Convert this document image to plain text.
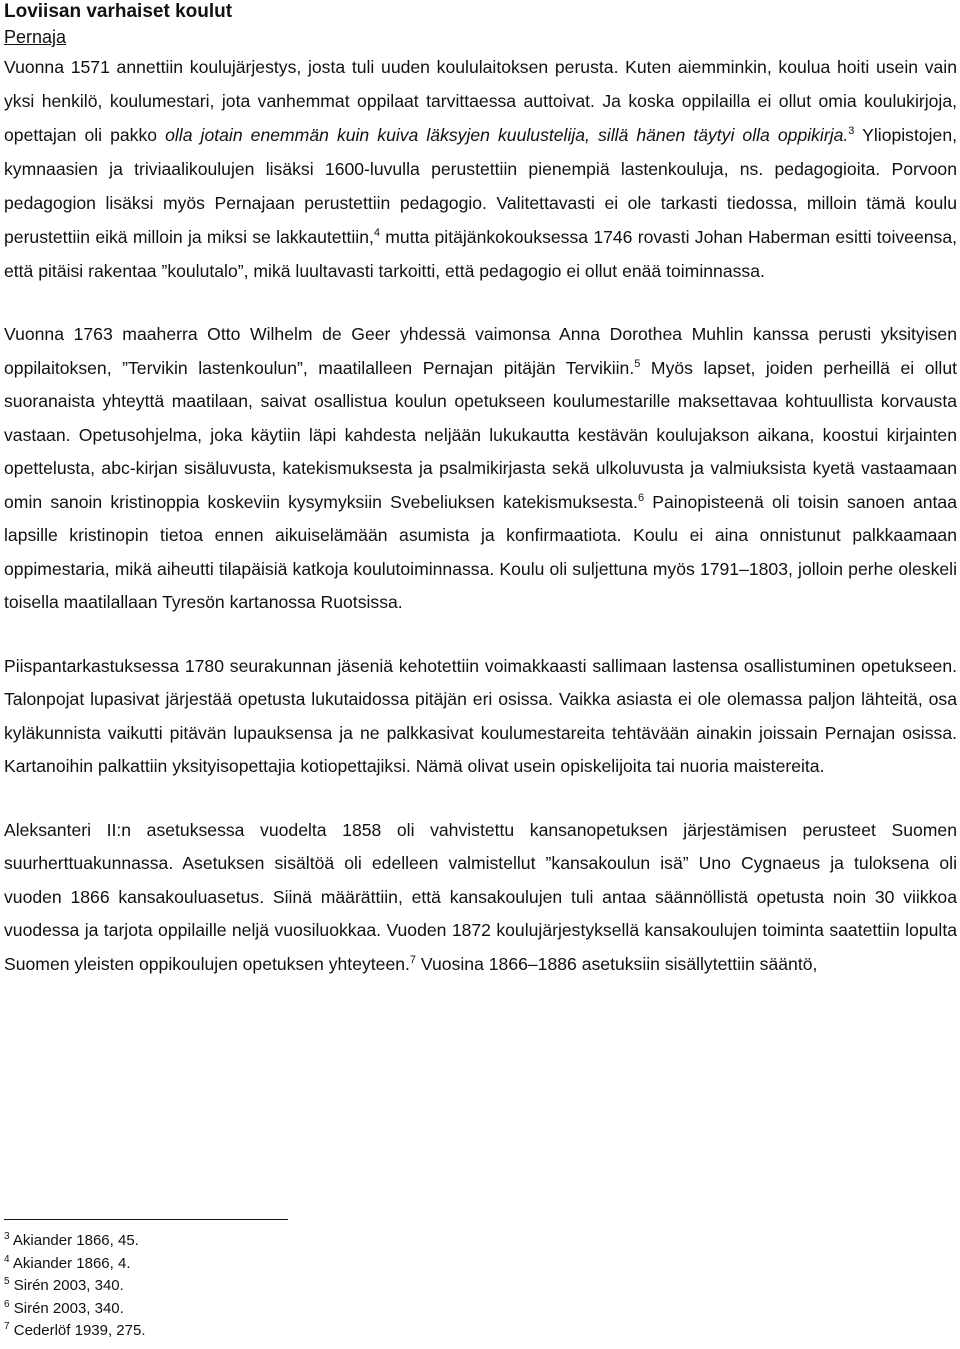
Loviisan varhaiset koulut

Pernaja

Vuonna 1571 annettiin koulujärjestys, josta tuli uuden koululaitoksen perusta. Kuten aiemminkin, koulua hoiti usein vain yksi henkilö, koulumestari, jota vanhemmat oppilaat tarvittaessa auttoivat. Ja koska oppilailla ei ollut omia koulukirjoja, opettajan oli pakko olla jotain enemmän kuin kuiva läksyjen kuulustelija, sillä hänen täytyi olla oppikirja.$^3$ Yliopistojen, kymnaasien ja triviaalikoulujen lisäksi 1600-luvulla perustettiin pienempiä lastenkouluja, ns. pedagogioita. Porvoon pedagogion lisäksi myös Pernajaan perustettiin pedagogio. Valitettavasti ei ole tarkasti tiedossa, milloin tämä koulu perustettiin eikä milloin ja miksi se lakkautettiin,$^4$ mutta pitäjänkokouksessa 1746 rovasti Johan Haberman esitti toiveensa, että pitäisi rakentaa ”koulutalo”, mikä luultavasti tarkoitti, että pedagogio ei ollut enää toiminnassa.

Vuonna 1763 maaherra Otto Wilhelm de Geer yhdessä vaimonsa Anna Dorothea Muhlin kanssa perusti yksityisen oppilaitoksen, ”Tervikin lastenkoulun”, maatilalleen Pernajan pitäjän Tervikiin.$^5$ Myös lapset, joiden perheillä ei ollut suoranaista yhteyttä maatilaan, saivat osallistua koulun opetukseen koulumestarille maksettavaa kohtuullista korvausta vastaan. Opetusohjelma, joka käytiin läpi kahdesta neljään lukukautta kestävän koulujakson aikana, koostui kirjainten opettelusta, abc-kirjan sisäluvusta, katekismuksesta ja psalmikirjasta sekä ulkoluvusta ja valmiuksista kyetä vastaamaan omin sanoin kristinoppia koskeviin kysymyksiin Svebeliuksen katekismuksesta.$^6$ Painopisteenä oli toisin sanoen antaa lapsille kristinopin tietoa ennen aikuiselämään asumista ja konfirmaatiota. Koulu ei aina onnistunut palkkaamaan oppimestaria, mikä aiheutti tilapäisiä katkoja koulutoiminnassa. Koulu oli suljettuna myös 1791–1803, jolloin perhe oleskeli toisella maatilallaan Tyresön kartanossa Ruotsissa.

Piispantarkastuksessa 1780 seurakunnan jäseniä kehotettiin voimakkaasti sallimaan lastensa osallistuminen opetukseen. Talonpojat lupasivat järjestää opetusta lukutaidossa pitäjän eri osissa. Vaikka asiasta ei ole olemassa paljon lähteitä, osa kyläkunnista vaikutti pitävän lupauksensa ja ne palkkasivat koulumestareita tehtävään ainakin joissain Pernajan osissa. Kartanoihin palkattiin yksityisopettajia kotiopettajiksi. Nämä olivat usein opiskelijoita tai nuoria maistereita.

Aleksanteri II:n asetuksessa vuodelta 1858 oli vahvistettu kansanopetuksen järjestämisen perusteet Suomen suurherttuakunnassa. Asetuksen sisältöä oli edelleen valmistellut ”kansakoulun isä” Uno Cygnaeus ja tuloksena oli vuoden 1866 kansakouluasetus. Siinä määrättiin, että kansakoulujen tuli antaa säännöllistä opetusta noin 30 viikkoa vuodessa ja tarjota oppilaille neljä vuosiluokkaa. Vuoden 1872 koulujärjestyksellä kansakoulujen toiminta saatettiin lopulta Suomen yleisten oppikoulujen opetuksen yhteyteen.$^7$ Vuosina 1866–1886 asetuksiin sisällytettiin sääntö,

$^3$ Akiander 1866, 45.
$^4$ Akiander 1866, 4.
$^5$ Sirén 2003, 340.
$^6$ Sirén 2003, 340.
$^7$ Cederlöf 1939, 275.
